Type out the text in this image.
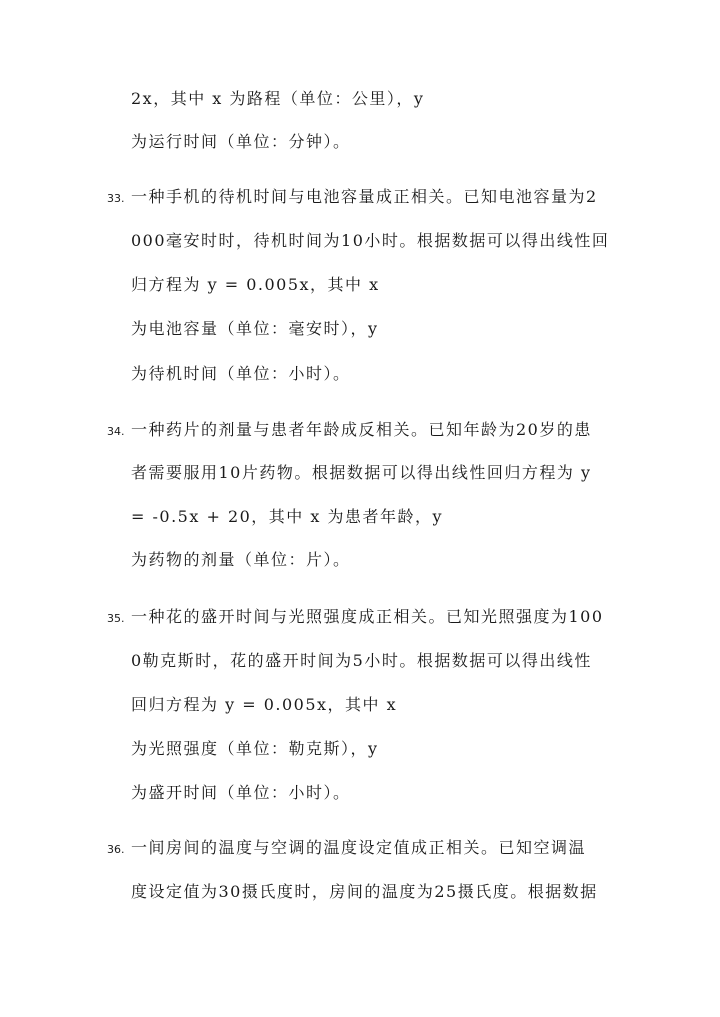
2x，其中 x 为路程（单位：公里），y
为运行时间（单位：分钟）。
33. 一种手机的待机时间与电池容量成正相关。已知电池容量为2
000毫安时时，待机时间为10小时。根据数据可以得出线性回
归方程为 y = 0.005x，其中 x
为电池容量（单位：毫安时），y
为待机时间（单位：小时）。
34. 一种药片的剂量与患者年龄成反相关。已知年龄为20岁的患
者需要服用10片药物。根据数据可以得出线性回归方程为 y
= -0.5x + 20，其中 x 为患者年龄，y
为药物的剂量（单位：片）。
35. 一种花的盛开时间与光照强度成正相关。已知光照强度为100
0勒克斯时，花的盛开时间为5小时。根据数据可以得出线性
回归方程为 y = 0.005x，其中 x
为光照强度（单位：勒克斯），y
为盛开时间（单位：小时）。
36. 一间房间的温度与空调的温度设定值成正相关。已知空调温
度设定值为30摄氏度时，房间的温度为25摄氏度。根据数据
